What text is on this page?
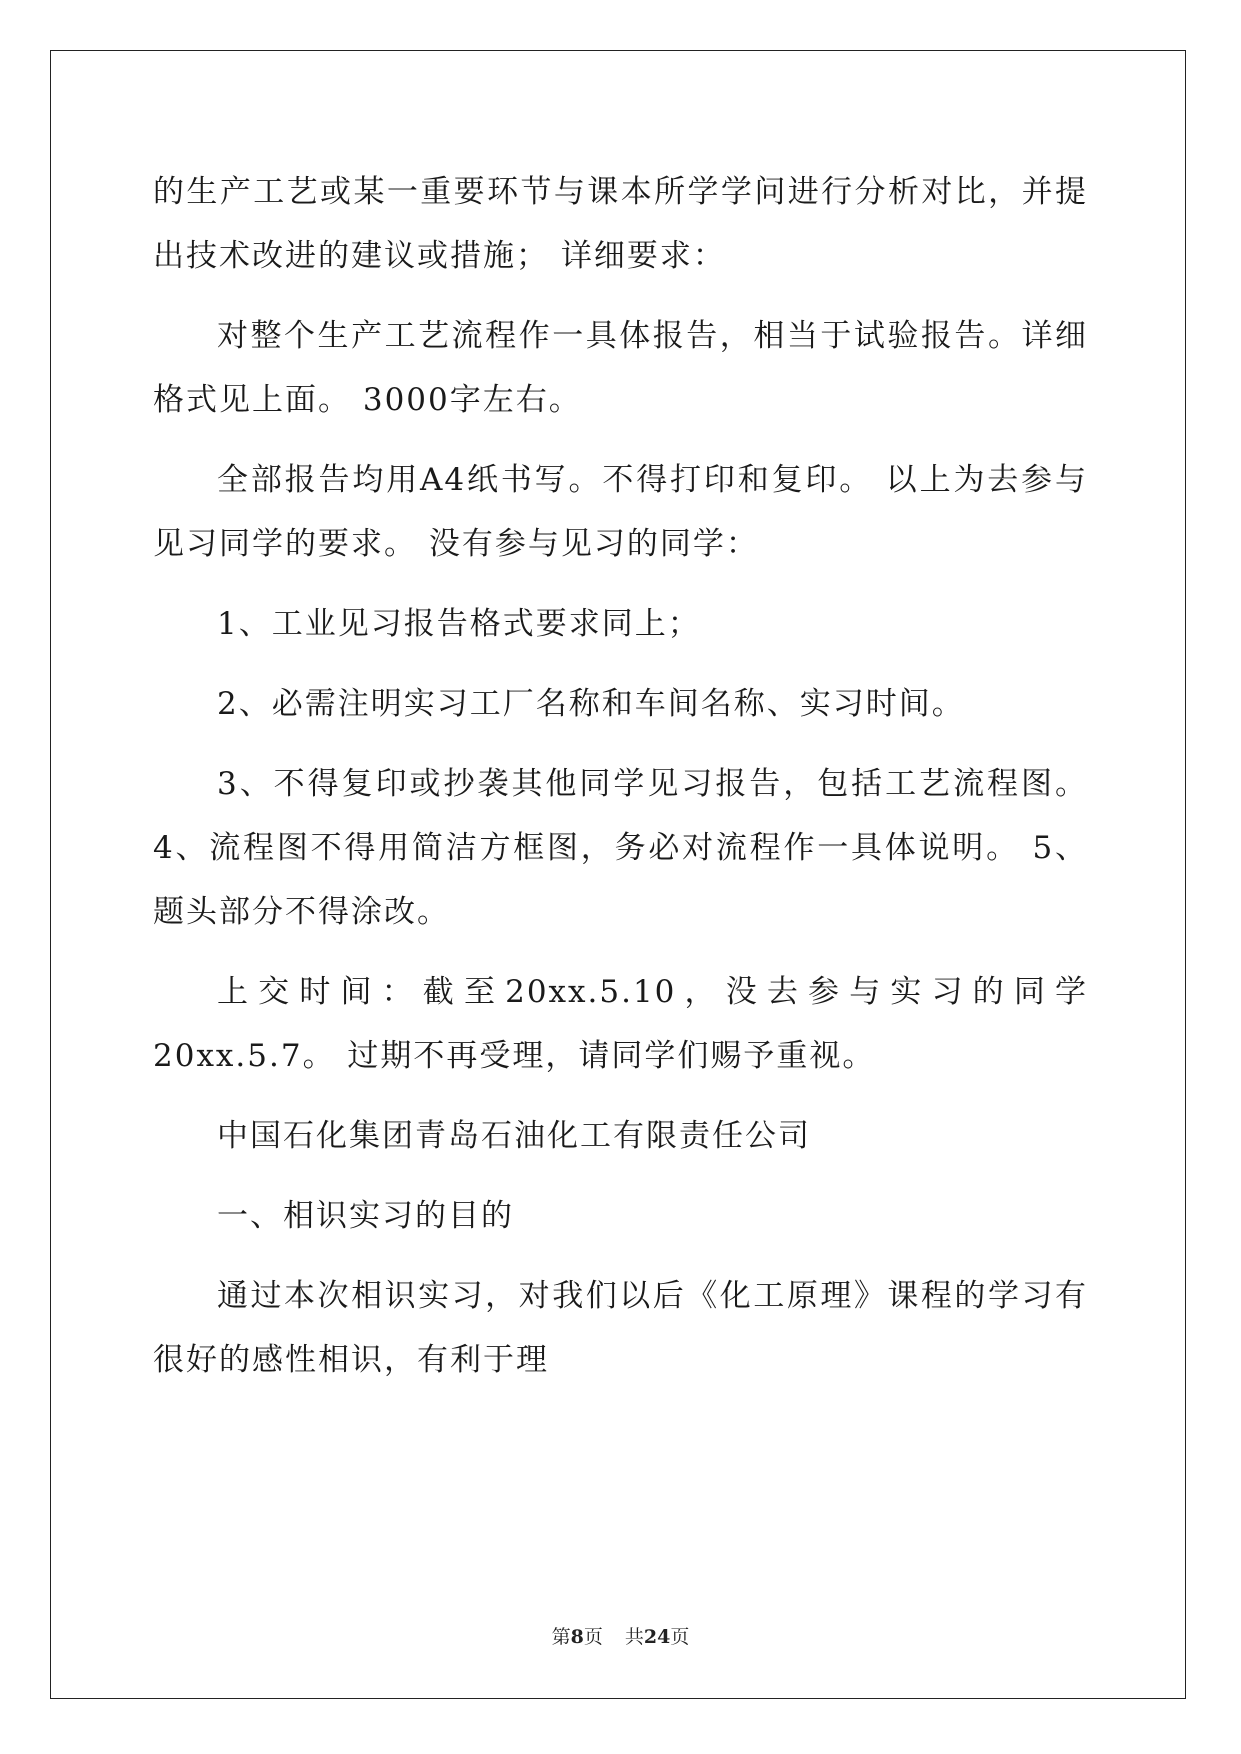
的生产工艺或某一重要环节与课本所学学问进行分析对比，并提出技术改进的建议或措施； 详细要求：

对整个生产工艺流程作一具体报告，相当于试验报告。详细格式见上面。 3000字左右。

全部报告均用A4纸书写。不得打印和复印。 以上为去参与见习同学的要求。 没有参与见习的同学：

1、工业见习报告格式要求同上；

2、必需注明实习工厂名称和车间名称、实习时间。

3、不得复印或抄袭其他同学见习报告，包括工艺流程图。 4、流程图不得用简洁方框图，务必对流程作一具体说明。 5、题头部分不得涂改。

上交时间：截至20xx.5.10，没去参与实习的同学20xx.5.7。 过期不再受理，请同学们赐予重视。

中国石化集团青岛石油化工有限责任公司

一、相识实习的目的

通过本次相识实习，对我们以后《化工原理》课程的学习有很好的感性相识，有利于理

第8页 共24页
